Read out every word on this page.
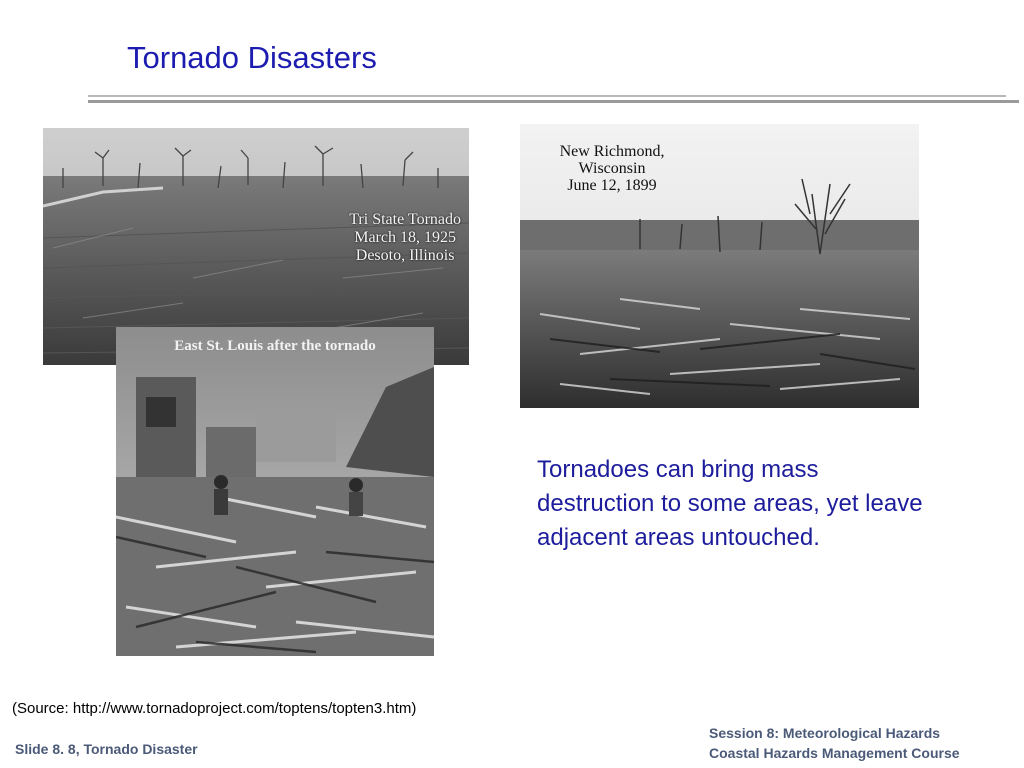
Tornado Disasters
Tri State Tornado
March 18, 1925
Desoto, Illinois
New Richmond,
Wisconsin
June 12, 1899
East St. Louis after the tornado

Tornadoes can bring mass destruction to some areas, yet leave adjacent areas untouched.

(Source: http://www.tornadoproject.com/toptens/topten3.htm)
Session 8: Meteorological Hazards
Coastal Hazards Management Course
Slide 8. 8, Tornado Disaster
